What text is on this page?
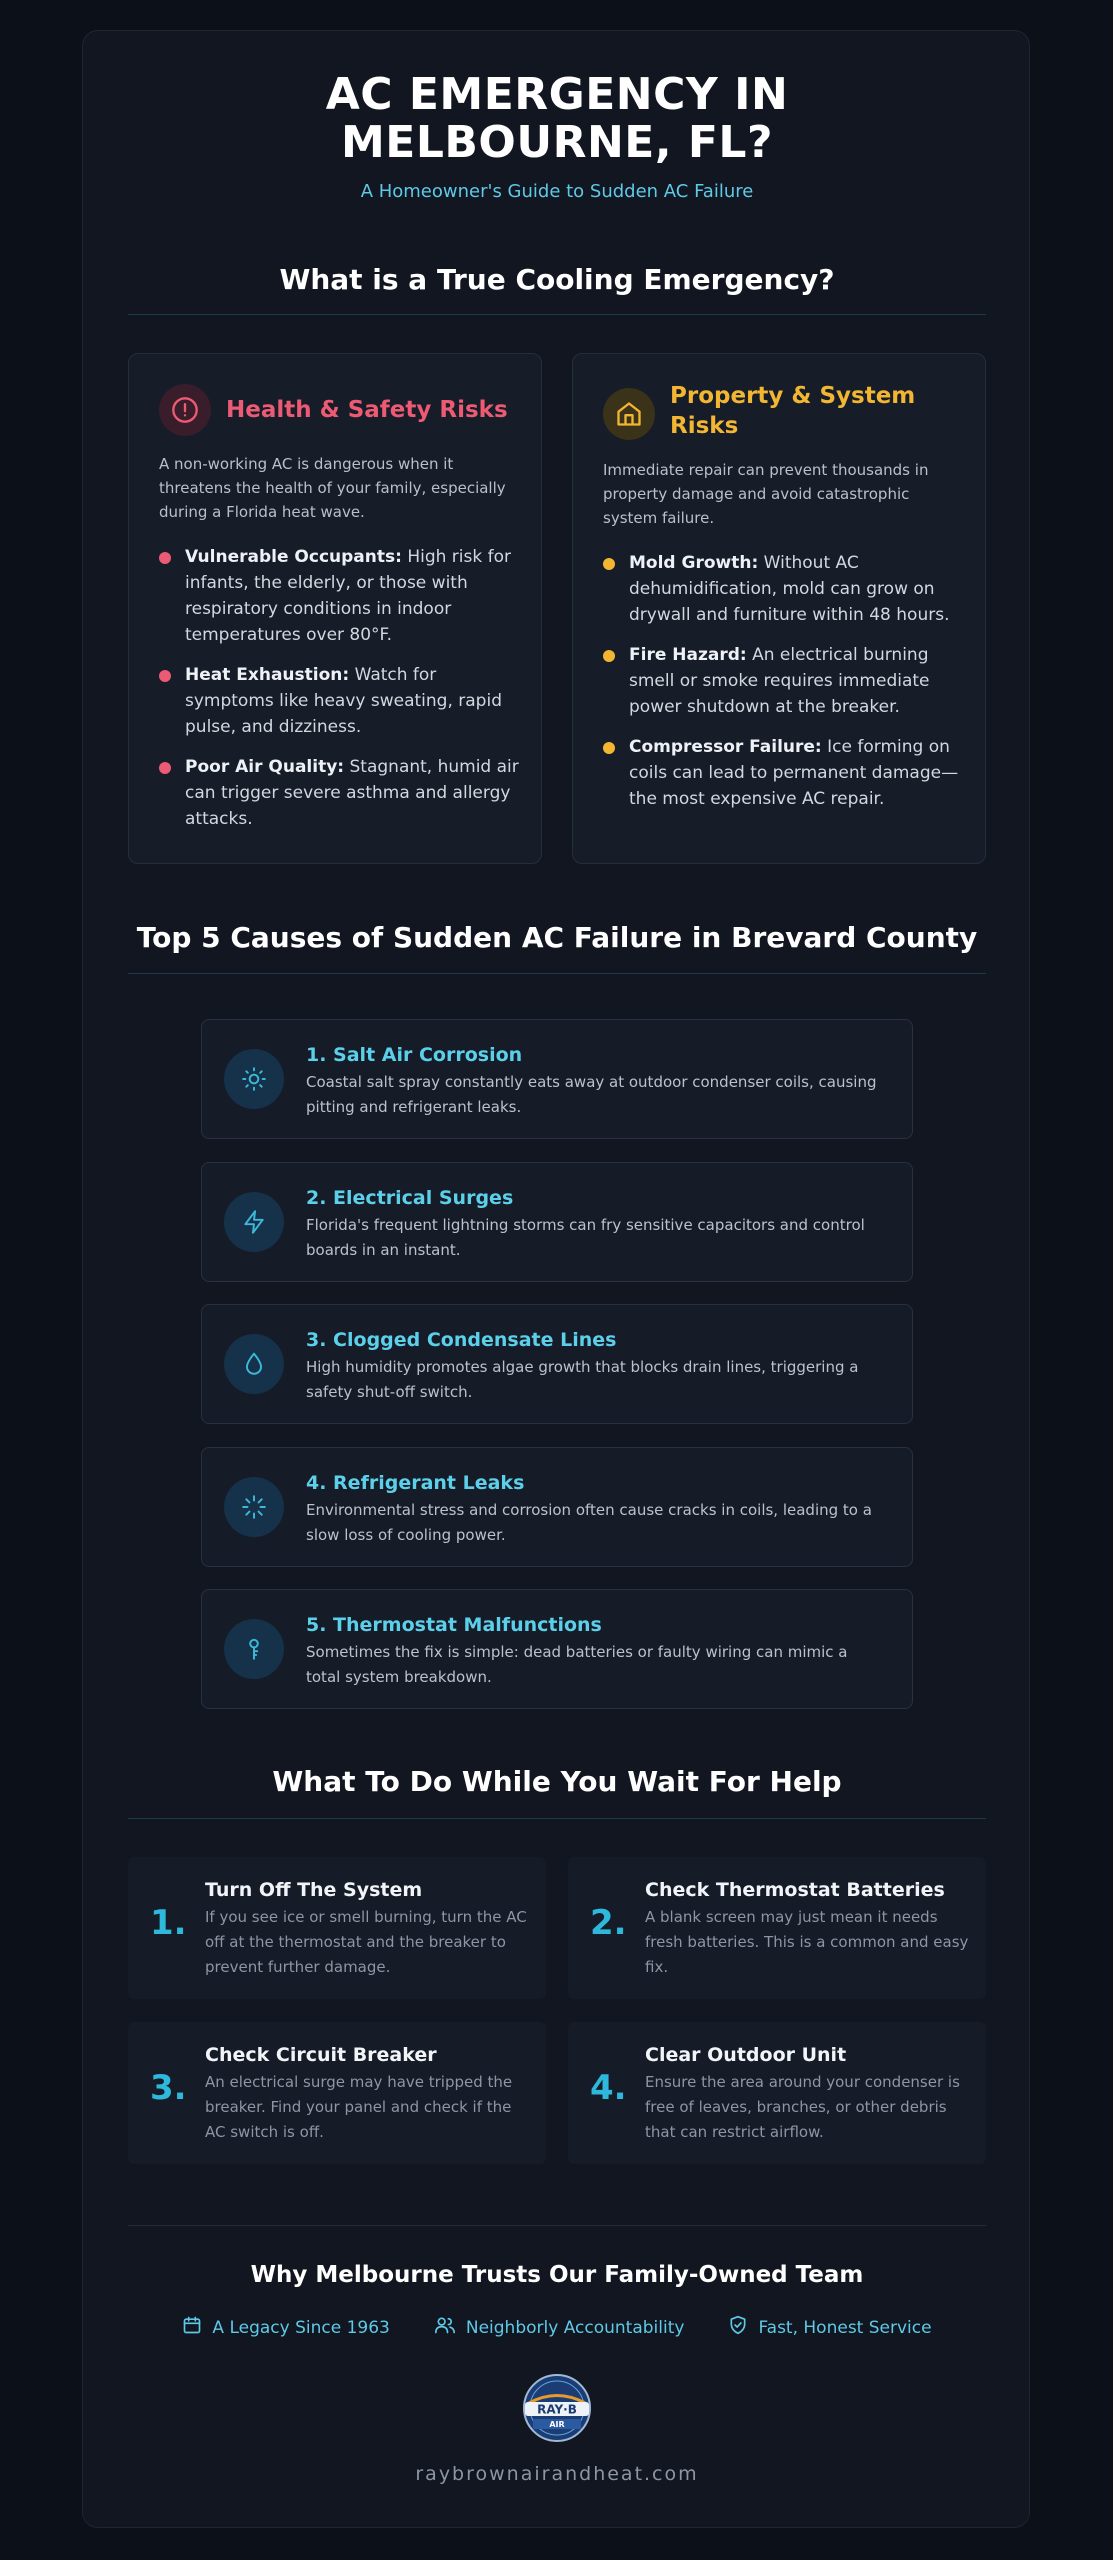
AC EMERGENCY IN MELBOURNE, FL?
A Homeowner's Guide to Sudden AC Failure
What is a True Cooling Emergency?
Health & Safety Risks
A non-working AC is dangerous when it threatens the health of your family, especially during a Florida heat wave.
Vulnerable Occupants: High risk for infants, the elderly, or those with respiratory conditions in indoor temperatures over 80°F.
Heat Exhaustion: Watch for symptoms like heavy sweating, rapid pulse, and dizziness.
Poor Air Quality: Stagnant, humid air can trigger severe asthma and allergy attacks.
Property & System Risks
Immediate repair can prevent thousands in property damage and avoid catastrophic system failure.
Mold Growth: Without AC dehumidification, mold can grow on drywall and furniture within 48 hours.
Fire Hazard: An electrical burning smell or smoke requires immediate power shutdown at the breaker.
Compressor Failure: Ice forming on coils can lead to permanent damage—the most expensive AC repair.
Top 5 Causes of Sudden AC Failure in Brevard County
1. Salt Air Corrosion
Coastal salt spray constantly eats away at outdoor condenser coils, causing pitting and refrigerant leaks.
2. Electrical Surges
Florida's frequent lightning storms can fry sensitive capacitors and control boards in an instant.
3. Clogged Condensate Lines
High humidity promotes algae growth that blocks drain lines, triggering a safety shut-off switch.
4. Refrigerant Leaks
Environmental stress and corrosion often cause cracks in coils, leading to a slow loss of cooling power.
5. Thermostat Malfunctions
Sometimes the fix is simple: dead batteries or faulty wiring can mimic a total system breakdown.
What To Do While You Wait For Help
1.
Turn Off The System
If you see ice or smell burning, turn the AC off at the thermostat and the breaker to prevent further damage.
2.
Check Thermostat Batteries
A blank screen may just mean it needs fresh batteries. This is a common and easy fix.
3.
Check Circuit Breaker
An electrical surge may have tripped the breaker. Find your panel and check if the AC switch is off.
4.
Clear Outdoor Unit
Ensure the area around your condenser is free of leaves, branches, or other debris that can restrict airflow.
Why Melbourne Trusts Our Family-Owned Team
A Legacy Since 1963	Neighborly Accountability	Fast, Honest Service
RAY·B
AIR
raybrownairandheat.com
